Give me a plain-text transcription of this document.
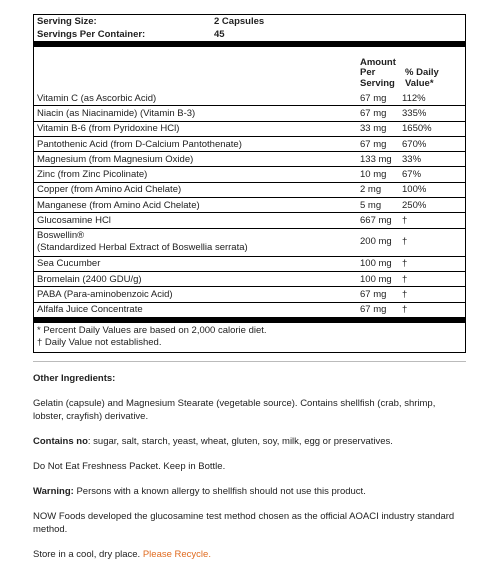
Serving Size:	2 Capsules
Servings Per Container:	45
Amount Per Serving
% Daily Value*
Vitamin C (as Ascorbic Acid)	67 mg	112%
Niacin (as Niacinamide) (Vitamin B-3)	67 mg	335%
Vitamin B-6 (from Pyridoxine HCl)	33 mg	1650%
Pantothenic Acid (from D-Calcium Pantothenate)	67 mg	670%
Magnesium (from Magnesium Oxide)	133 mg	33%
Zinc (from Zinc Picolinate)	10 mg	67%
Copper (from Amino Acid Chelate)	2 mg	100%
Manganese (from Amino Acid Chelate)	5 mg	250%
Glucosamine HCl	667 mg	†
Boswellin®
(Standardized Herbal Extract of Boswellia serrata)
200 mg	†
Sea Cucumber	100 mg	†
Bromelain (2400 GDU/g)	100 mg	†
PABA (Para-aminobenzoic Acid)	67 mg	†
Alfalfa Juice Concentrate	67 mg	†
* Percent Daily Values are based on 2,000 calorie diet.
† Daily Value not established.

Other Ingredients:

Gelatin (capsule) and Magnesium Stearate (vegetable source). Contains shellfish (crab, shrimp, lobster, crayfish) derivative.

Contains no: sugar, salt, starch, yeast, wheat, gluten, soy, milk, egg or preservatives.

Do Not Eat Freshness Packet. Keep in Bottle.

Warning: Persons with a known allergy to shellfish should not use this product.

NOW Foods developed the glucosamine test method chosen as the official AOACI industry standard method.

Store in a cool, dry place. Please Recycle.
